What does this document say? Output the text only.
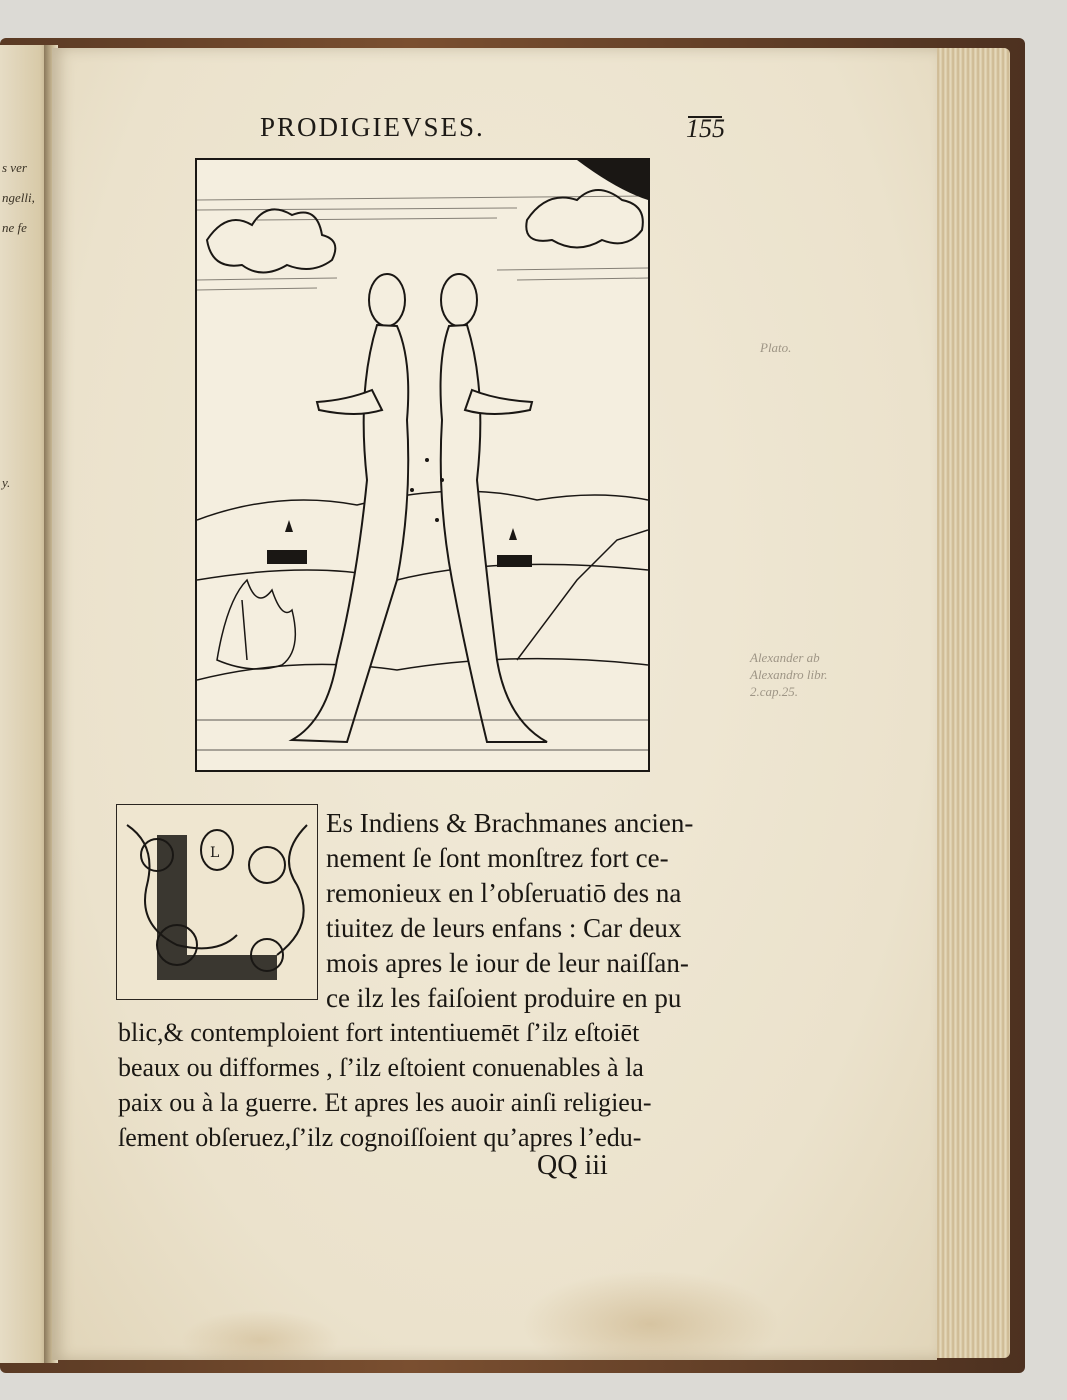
s ver
ngelli,
ne fe
y.
PRODIGIEVSES.	155
L
Es Indiens & Brachmanes ancien-
nement ſe ſont monſtrez fort ce-
remonieux en l’obſeruatiō des na
tiuitez de leurs enfans : Car deux
mois apres le iour de leur naiſſan-
ce ilz les faiſoient produire en pu
blic,& contemploient fort intentiuemēt ſ’ilz eſtoiēt
beaux ou difformes , ſ’ilz eſtoient conuenables à la
paix ou à la guerre. Et apres les auoir ainſi religieu-
ſement obſeruez,ſ’ilz cognoiſſoient qu’apres l’edu-
QQ iii
Plato.
Alexander ab
Alexandro libr.
2.cap.25.
